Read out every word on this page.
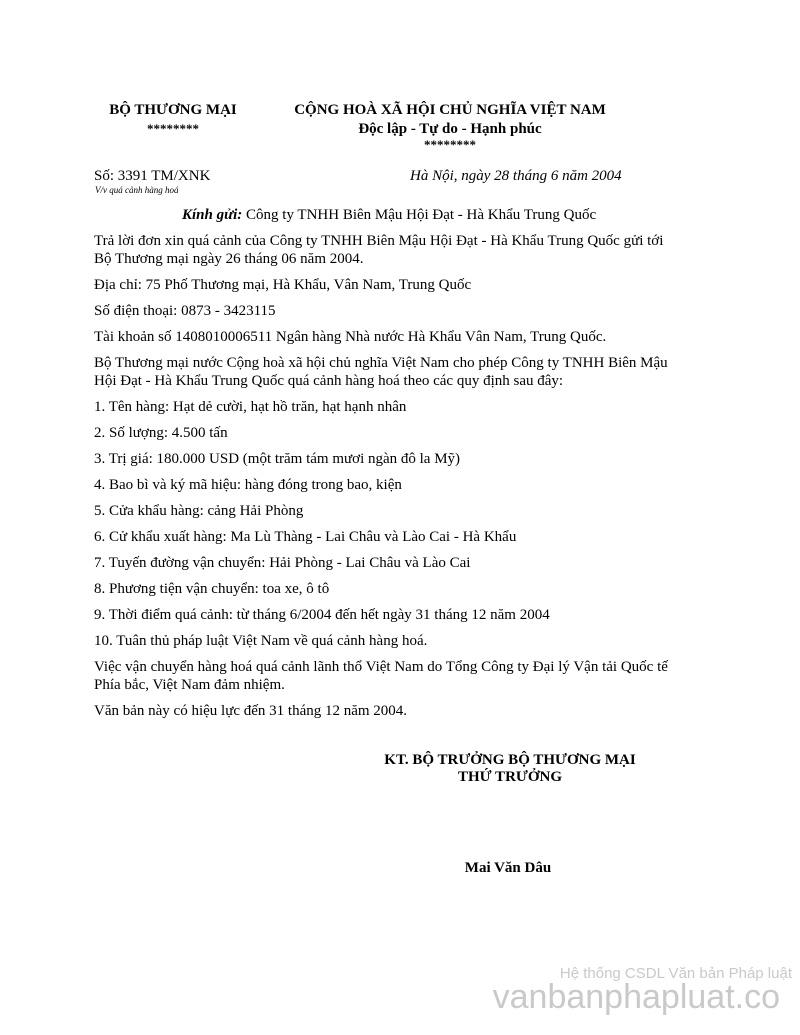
BỘ THƯƠNG MẠI
********
CỘNG HOÀ XÃ HỘI CHỦ NGHĨA VIỆT NAM
Độc lập - Tự do - Hạnh phúc
********
Số: 3391 TM/XNK
V/v quá cảnh hàng hoá
Hà Nội, ngày 28 tháng 6 năm 2004
Kính gửi: Công ty TNHH Biên Mậu Hội Đạt - Hà Khẩu Trung Quốc
Trả lời đơn xin quá cảnh của Công ty TNHH Biên Mậu Hội Đạt - Hà Khẩu Trung Quốc gửi tới
Bộ Thương mại ngày 26 tháng 06 năm 2004.
Địa chỉ: 75 Phố Thương mại, Hà Khẩu, Vân Nam, Trung Quốc
Số điện thoại: 0873 - 3423115
Tài khoản số 1408010006511 Ngân hàng Nhà nước Hà Khẩu Vân Nam, Trung Quốc.
Bộ Thương mại nước Cộng hoà xã hội chủ nghĩa Việt Nam cho phép Công ty TNHH Biên Mậu
Hội Đạt - Hà Khẩu Trung Quốc quá cảnh hàng hoá theo các quy định sau đây:
1. Tên hàng: Hạt dẻ cười, hạt hồ trăn, hạt hạnh nhân
2. Số lượng: 4.500 tấn
3. Trị giá: 180.000 USD (một trăm tám mươi ngàn đô la Mỹ)
4. Bao bì và ký mã hiệu: hàng đóng trong bao, kiện
5. Cửa khẩu hàng: cảng Hải Phòng
6. Cử khẩu xuất hàng: Ma Lù Thàng - Lai Châu và Lào Cai - Hà Khẩu
7. Tuyến đường vận chuyển: Hải Phòng - Lai Châu và Lào Cai
8. Phương tiện vận chuyển: toa xe, ô tô
9. Thời điểm quá cảnh: từ tháng 6/2004 đến hết ngày 31 tháng 12 năm 2004
10. Tuân thủ pháp luật Việt Nam về quá cảnh hàng hoá.
Việc vận chuyển hàng hoá quá cảnh lãnh thổ Việt Nam do Tổng Công ty Đại lý Vận tải Quốc tế
Phía bắc, Việt Nam đảm nhiệm.
Văn bản này có hiệu lực đến 31 tháng 12 năm 2004.
KT. BỘ TRƯỞNG BỘ THƯƠNG MẠI
THỨ TRƯỞNG
Mai Văn Dâu
Hệ thống CSDL Văn bản Pháp luật
vanbanphapluat.co
